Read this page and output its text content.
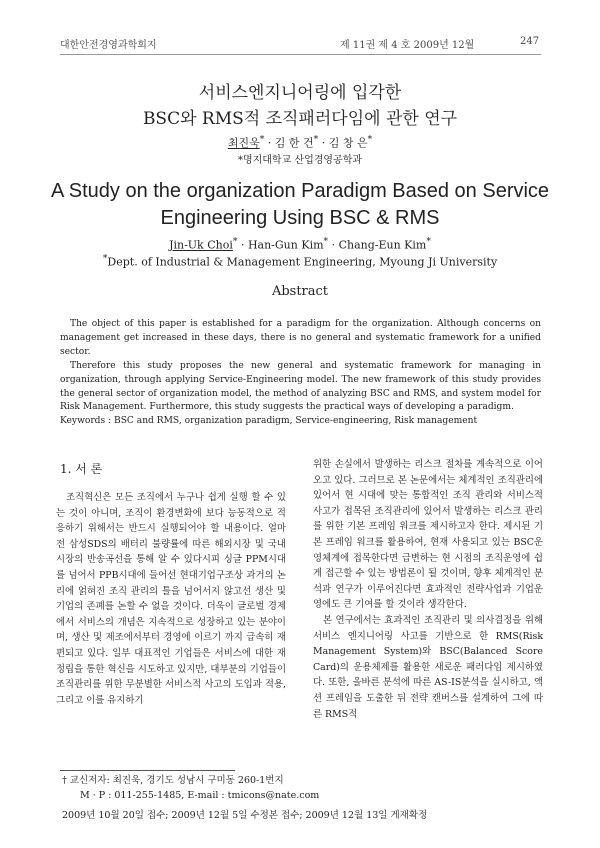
대한안전경영과학회지	제 11권 제 4 호 2009년 12월	247
서비스엔지니어링에 입각한
BSC와 RMS적 조직패러다임에 관한 연구
최진욱* · 김 한 건* · 김 창 은*
*명지대학교 산업경영공학과
A Study on the organization Paradigm Based on Service
Engineering Using BSC & RMS
Jin-Uk Choi* · Han-Gun Kim* · Chang-Eun Kim*
*Dept. of Industrial & Management Engineering, Myoung Ji University
Abstract

The object of this paper is established for a paradigm for the organization. Although concerns on management get increased in these days, there is no general and systematic framework for a unified sector.

Therefore this study proposes the new general and systematic framework for managing in organization, through applying Service-Engineering model. The new framework of this study provides the general sector of organization model, the method of analyzing BSC and RMS, and system model for Risk Management. Furthermore, this study suggests the practical ways of developing a paradigm.

Keywords : BSC and RMS, organization paradigm, Service-engineering, Risk management

1. 서 론

조직혁신은 모든 조직에서 누구나 쉽게 실행 할 수 있는 것이 아니며, 조직이 환경변화에 보다 능동적으로 적응하기 위해서는 반드시 실행되어야 할 내용이다. 얼마 전 삼성SDS의 배터리 불량률에 따른 해외시장 및 국내시장의 반송곡선을 통해 알 수 있다시피 싱글 PPM시대를 넘어서 PPB시대에 들어선 현대기업구조상 과거의 논리에 얽혀진 조직 관리의 틀을 넘어서지 않고선 생산 및 기업의 존폐를 논할 수 없을 것이다. 더욱이 글로벌 경제에서 서비스의 개념은 지속적으로 성장하고 있는 분야이며, 생산 및 제조에서부터 경영에 이르기 까지 급속히 재편되고 있다. 일부 대표적인 기업들은 서비스에 대한 재정립을 통한 혁신을 시도하고 있지만, 대부분의 기업들이 조직관리를 위한 무분별한 서비스적 사고의 도입과 적용, 그리고 이를 유지하기

위한 손실에서 발생하는 리스크 절차를 계속적으로 이어오고 있다. 그러므로 본 논문에서는 체계적인 조직관리에 있어서 현 시대에 맞는 통합적인 조직 관리와 서비스적 사고가 접목된 조직관리에 있어서 발생하는 리스크 관리를 위한 기본 프레임 워크를 제시하고자 한다. 제시된 기본 프레임 워크를 활용하여, 현재 사용되고 있는 BSC운영체계에 접목한다면 급변하는 현 시점의 조직운영에 쉽게 접근할 수 있는 방법론이 될 것이며, 향후 체계적인 분석과 연구가 이루어진다면 효과적인 전략사업과 기업운영에도 큰 기여를 할 것이라 생각한다.

본 연구에서는 효과적인 조직관리 및 의사결정을 위해 서비스 엔지니어링 사고를 기반으로 한 RMS(Risk Management System)와 BSC(Balanced Score Card)의 운용체제를 활용한 새로운 패러다임 제시하였다. 또한, 올바른 분석에 따른 AS-IS분석을 실시하고, 액션 프레임을 도출한 뒤 전략 캔버스를 설계하여 그에 따른 RMS적

† 교신저자: 최진욱, 경기도 성남시 구미동 260-1번지
M · P : 011-255-1485, E-mail : tmicons@nate.com
2009년 10월 20일 접수; 2009년 12월 5일 수정본 접수; 2009년 12월 13일 게재확정
